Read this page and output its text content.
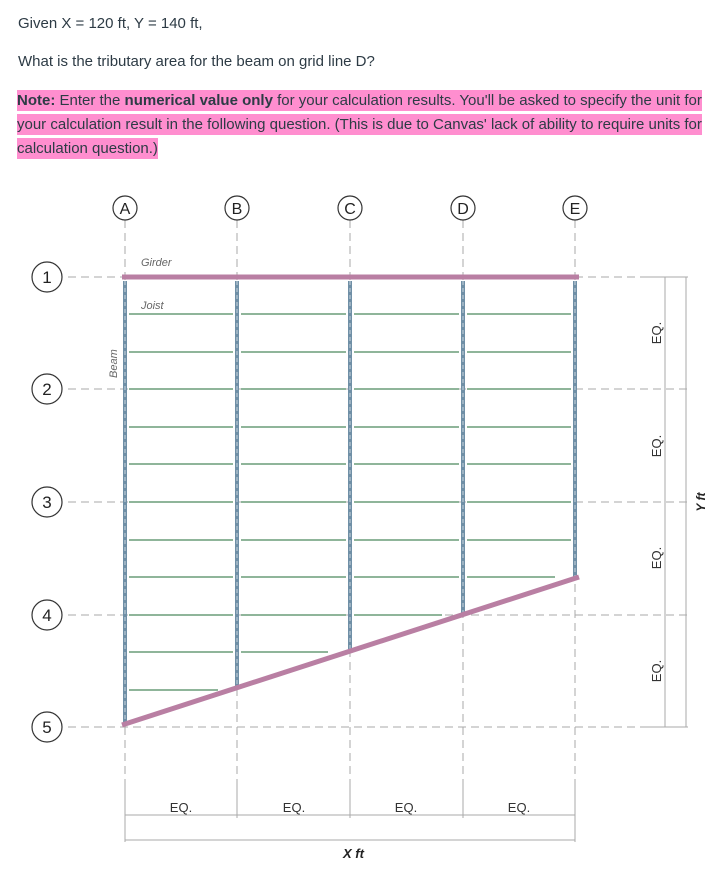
Given X = 120 ft, Y = 140 ft,
What is the tributary area for the beam on grid line D?
Note: Enter the numerical value only for your calculation results. You'll be asked to specify the unit for your calculation result in the following question. (This is due to Canvas' lack of ability to require units for calculation question.)
A	B	C	D	E
1
2
3
4
5
Girder
Joist
Beam
EQ.	EQ.	EQ.	EQ.
X ft
EQ.
EQ.
EQ.
EQ.
Y ft
